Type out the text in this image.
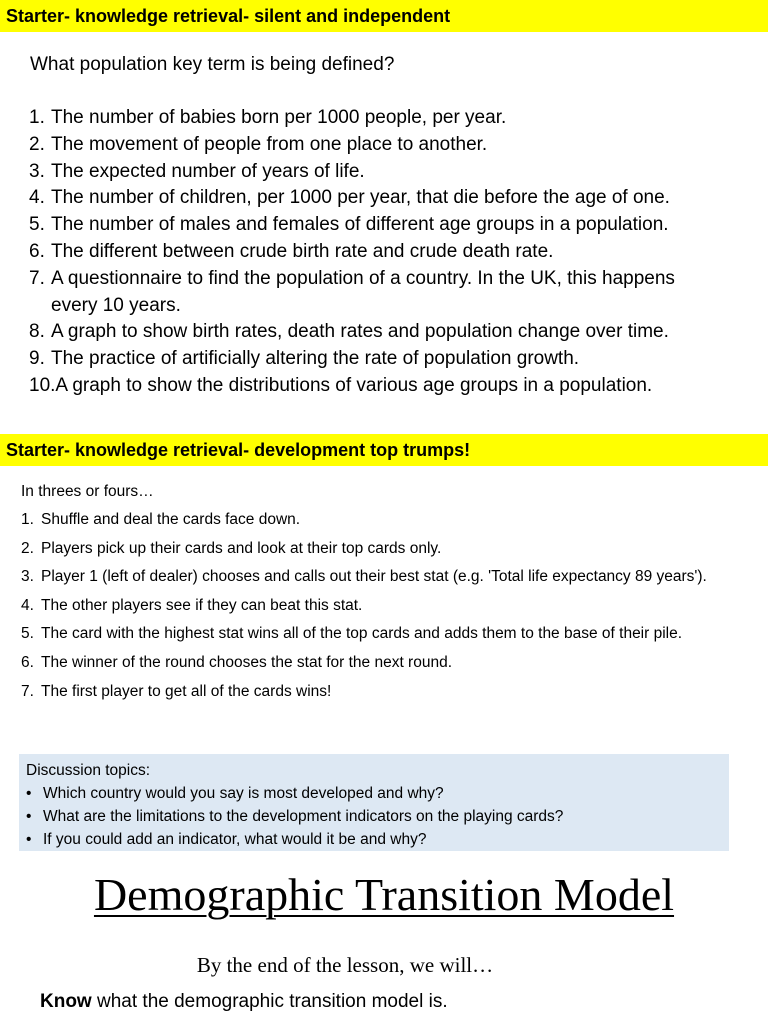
Starter- knowledge retrieval- silent and independent
What population key term is being defined?
1. The number of babies born per 1000 people, per year.
2. The movement of people from one place to another.
3. The expected number of years of life.
4. The number of children, per 1000 per year, that die before the age of one.
5. The number of males and females of different age groups in a population.
6. The different between crude birth rate and crude death rate.
7. A questionnaire to find the population of a country. In the UK, this happens every 10 years.
8. A graph to show birth rates, death rates and population change over time.
9. The practice of artificially altering the rate of population growth.
10. A graph to show the distributions of various age groups in a population.
Starter- knowledge retrieval- development top trumps!
In threes or fours…
1. Shuffle and deal the cards face down.
2. Players pick up their cards and look at their top cards only.
3. Player 1 (left of dealer) chooses and calls out their best stat (e.g. 'Total life expectancy 89 years').
4. The other players see if they can beat this stat.
5. The card with the highest stat wins all of the top cards and adds them to the base of their pile.
6. The winner of the round chooses the stat for the next round.
7. The first player to get all of the cards wins!
Discussion topics:
• Which country would you say is most developed and why?
• What are the limitations to the development indicators on the playing cards?
• If you could add an indicator, what would it be and why?
Demographic Transition Model
By the end of the lesson, we will…
Know what the demographic transition model is.
